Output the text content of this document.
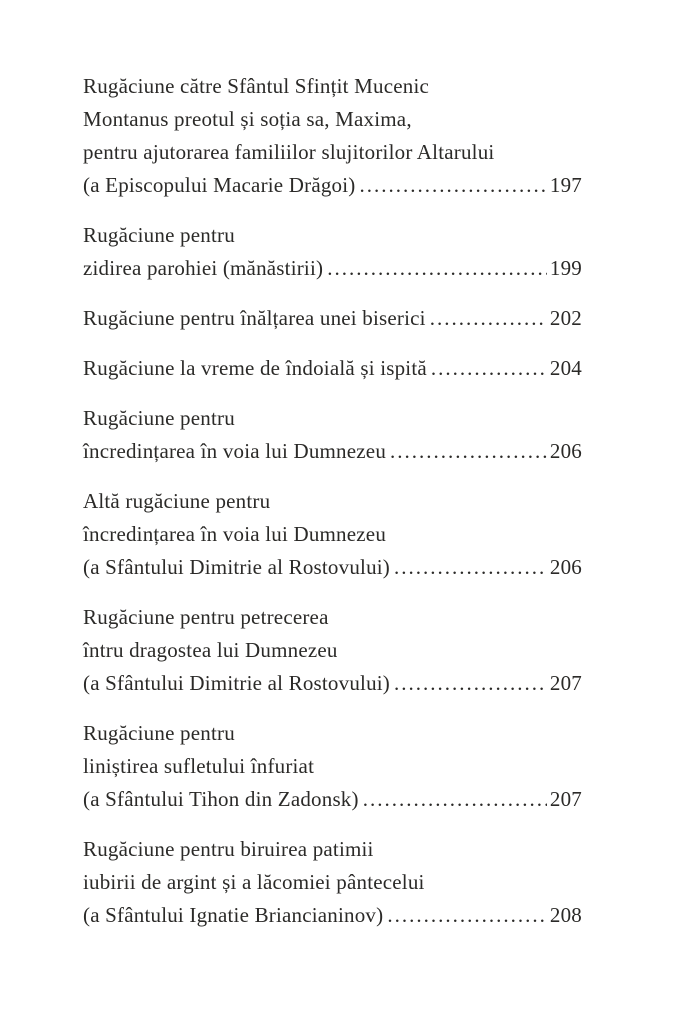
Rugăciune către Sfântul Sfințit Mucenic

Montanus preotul și soția sa, Maxima,

pentru ajutorarea familiilor slujitorilor Altarului

(a Episcopului Macarie Drăgoi) .....	197

Rugăciune pentru

zidirea parohiei (mănăstirii) .....	199

Rugăciune pentru înălțarea unei biserici .....	202

Rugăciune la vreme de îndoială și ispită .....	204

Rugăciune pentru

încredințarea în voia lui Dumnezeu .....	206

Altă rugăciune pentru

încredințarea în voia lui Dumnezeu

(a Sfântului Dimitrie al Rostovului) .....	206

Rugăciune pentru petrecerea

întru dragostea lui Dumnezeu

(a Sfântului Dimitrie al Rostovului) .....	207

Rugăciune pentru

liniștirea sufletului înfuriat

(a Sfântului Tihon din Zadonsk) .....	207

Rugăciune pentru biruirea patimii

iubirii de argint și a lăcomiei pântecelui

(a Sfântului Ignatie Briancianinov) .....	208
